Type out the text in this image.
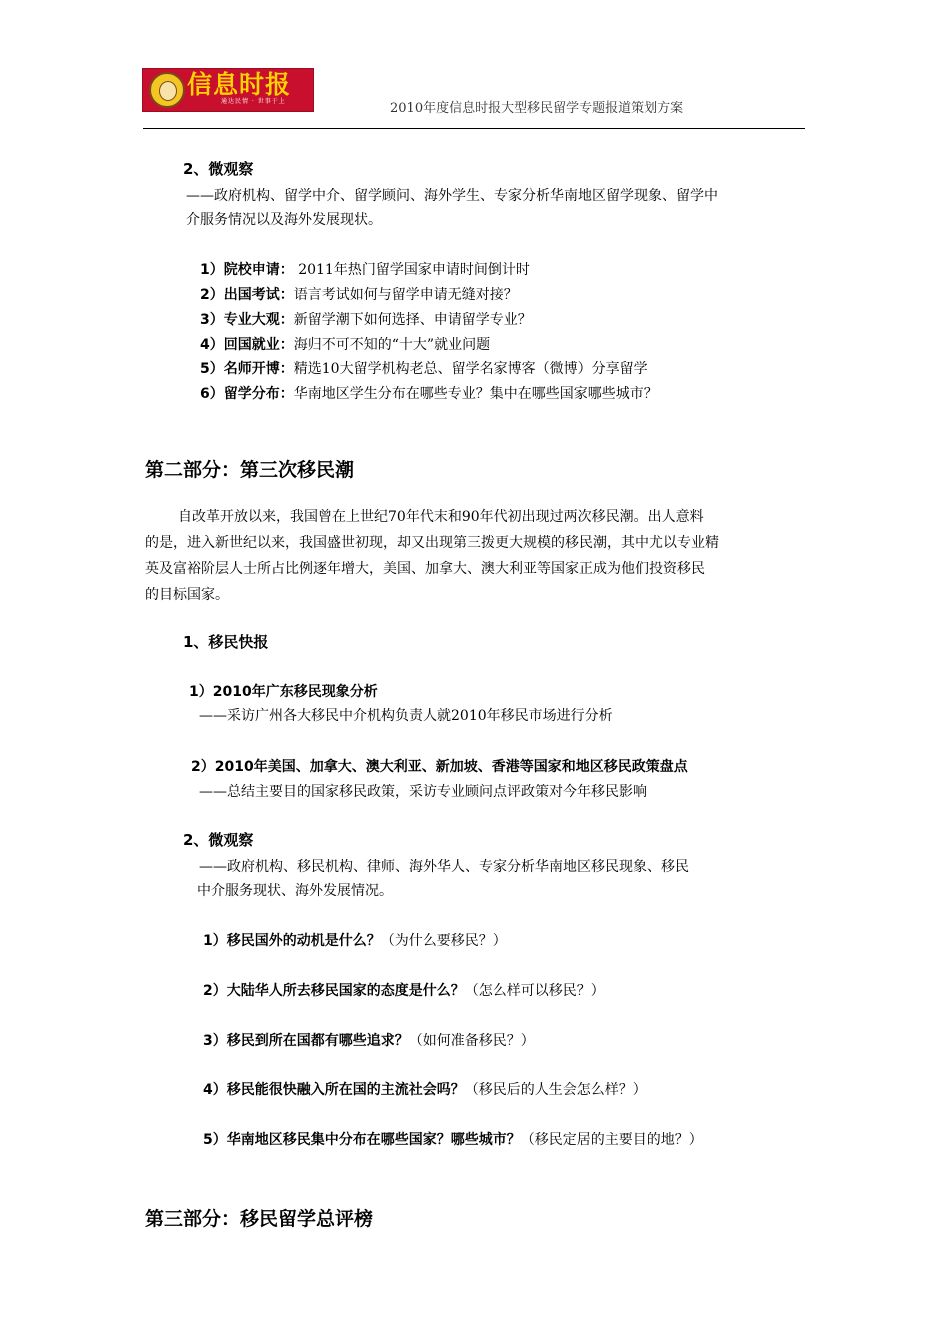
信息时报
通达民情 · 世事于上	2010年度信息时报大型移民留学专题报道策划方案
2、微观察
——政府机构、留学中介、留学顾问、海外学生、专家分析华南地区留学现象、留学中
介服务情况以及海外发展现状。
1）院校申请： 2011年热门留学国家申请时间倒计时
2）出国考试：语言考试如何与留学申请无缝对接？
3）专业大观：新留学潮下如何选择、申请留学专业？
4）回国就业：海归不可不知的“十大”就业问题
5）名师开博：精选10大留学机构老总、留学名家博客（微博）分享留学
6）留学分布：华南地区学生分布在哪些专业？集中在哪些国家哪些城市？
第二部分：第三次移民潮
自改革开放以来，我国曾在上世纪70年代末和90年代初出现过两次移民潮。出人意料
的是，进入新世纪以来，我国盛世初现，却又出现第三拨更大规模的移民潮，其中尤以专业精
英及富裕阶层人士所占比例逐年增大，美国、加拿大、澳大利亚等国家正成为他们投资移民
的目标国家。
1、移民快报
1）2010年广东移民现象分析
——采访广州各大移民中介机构负责人就2010年移民市场进行分析
2）2010年美国、加拿大、澳大利亚、新加坡、香港等国家和地区移民政策盘点
——总结主要目的国家移民政策，采访专业顾问点评政策对今年移民影响
2、微观察
——政府机构、移民机构、律师、海外华人、专家分析华南地区移民现象、移民
中介服务现状、海外发展情况。
1）移民国外的动机是什么？（为什么要移民？）
2）大陆华人所去移民国家的态度是什么？（怎么样可以移民？）
3）移民到所在国都有哪些追求？（如何准备移民？）
4）移民能很快融入所在国的主流社会吗？（移民后的人生会怎么样？）
5）华南地区移民集中分布在哪些国家？哪些城市？（移民定居的主要目的地？）
第三部分：移民留学总评榜
